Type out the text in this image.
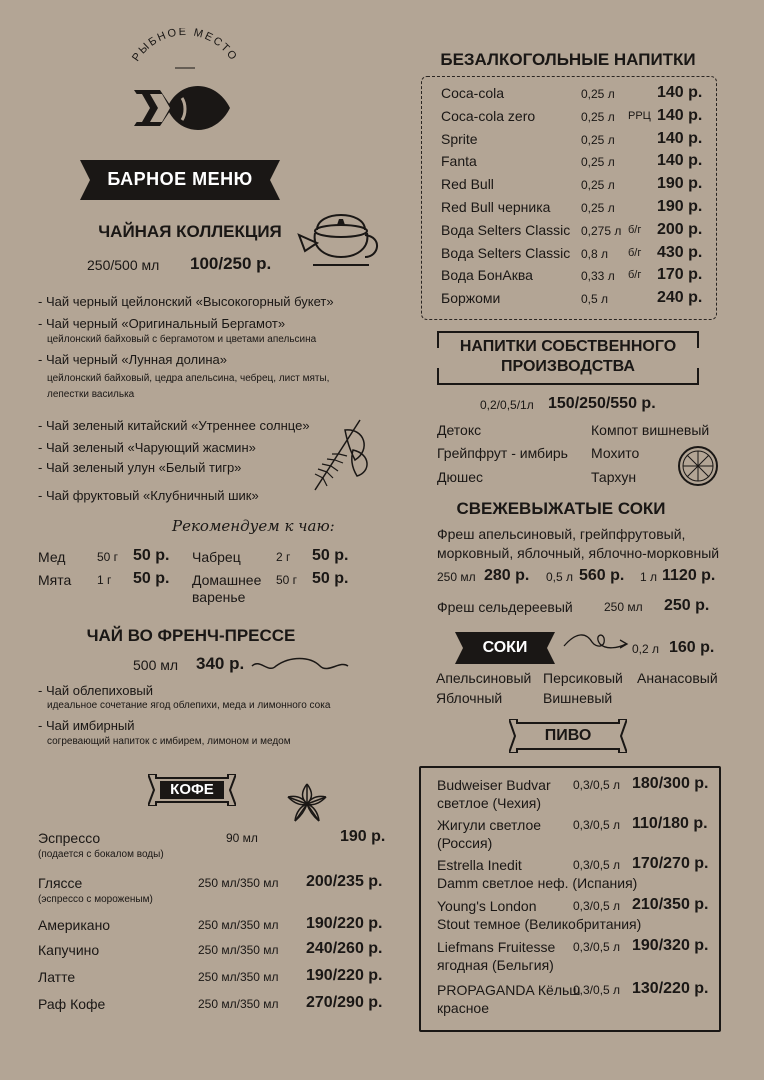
РЫБНОЕ МЕСТО
БАРНОЕ МЕНЮ
ЧАЙНАЯ КОЛЛЕКЦИЯ
250/500 мл 100/250 р.
- Чай черный цейлонский «Высокогорный букет»
- Чай черный «Оригинальный Бергамот»
цейлонский байховый с бергамотом и цветами апельсина
- Чай черный «Лунная долина»
цейлонский байховый, цедра апельсина, чебрец, лист мяты,
лепестки василька
- Чай зеленый китайский «Утреннее солнце»
- Чай зеленый «Чарующий жасмин»
- Чай зеленый улун «Белый тигр»
- Чай фруктовый «Клубничный шик»
Рекомендуем к чаю:
Мед	50 г 50 р.
Мята 1 г 50 р.
Чабрец	2 г 50 р.
Домашнее
варенье
50 г 50 р.
ЧАЙ ВО ФРЕНЧ-ПРЕССЕ
500 мл 340 р.
- Чай облепиховый
идеальное сочетание ягод облепихи, меда и лимонного сока
- Чай имбирный
согревающий напиток с имбирем, лимоном и медом
КОФЕ
Эспрессо
(подается с бокалом воды)
90 мл	190 р.
Гляссе
(эспрессо с мороженым)
250 мл/350 мл 200/235 р.
Американо	250 мл/350 мл 190/220 р.
Капучино	250 мл/350 мл 240/260 р.
Латте	250 мл/350 мл 190/220 р.
Раф Кофе	250 мл/350 мл 270/290 р.
БЕЗАЛКОГОЛЬНЫЕ НАПИТКИ
Coca-cola	0,25 л	140 р.
Coca-cola zero	0,25 л РРЦ 140 р.
Sprite	0,25 л	140 р.
Fanta	0,25 л	140 р.
Red Bull	0,25 л	190 р.
Red Bull черника	0,25 л	190 р.
Вода Selters Classic 0,275 л б/г 200 р.
Вода Selters Classic 0,8 л б/г 430 р.
Вода БонАква	0,33 л б/г 170 р.
Боржоми	0,5 л	240 р.
НАПИТКИ СОБСТВЕННОГО
ПРОИЗВОДСТВА
0,2/0,5/1л 150/250/550 р.
Детокс	Компот вишневый
Грейпфрут - имбирь Мохито
Дюшес	Тархун
СВЕЖЕВЫЖАТЫЕ СОКИ
Фреш апельсиновый, грейпфрутовый,
морковный, яблочный, яблочно-морковный
250 мл 280 р. 0,5 л 560 р. 1 л 1120 р.
Фреш сельдереевый	250 мл 250 р.
СОКИ	0,2 л 160 р.
Апельсиновый Персиковый Ананасовый
Яблочный	Вишневый
ПИВО
Budweiser Budvar
светлое (Чехия)
0,3/0,5 л 180/300 р.
Жигули светлое
(Россия)
0,3/0,5 л 110/180 р.
Estrella Inedit
Damm светлое неф. (Испания)
0,3/0,5 л 170/270 р.
Young's London
Stout темное (Великобритания)
0,3/0,5 л 210/350 р.
Liefmans Fruitesse
ягодная (Бельгия)
0,3/0,5 л 190/320 р.
PROPAGANDA Кёльш
красное
0,3/0,5 л 130/220 р.
